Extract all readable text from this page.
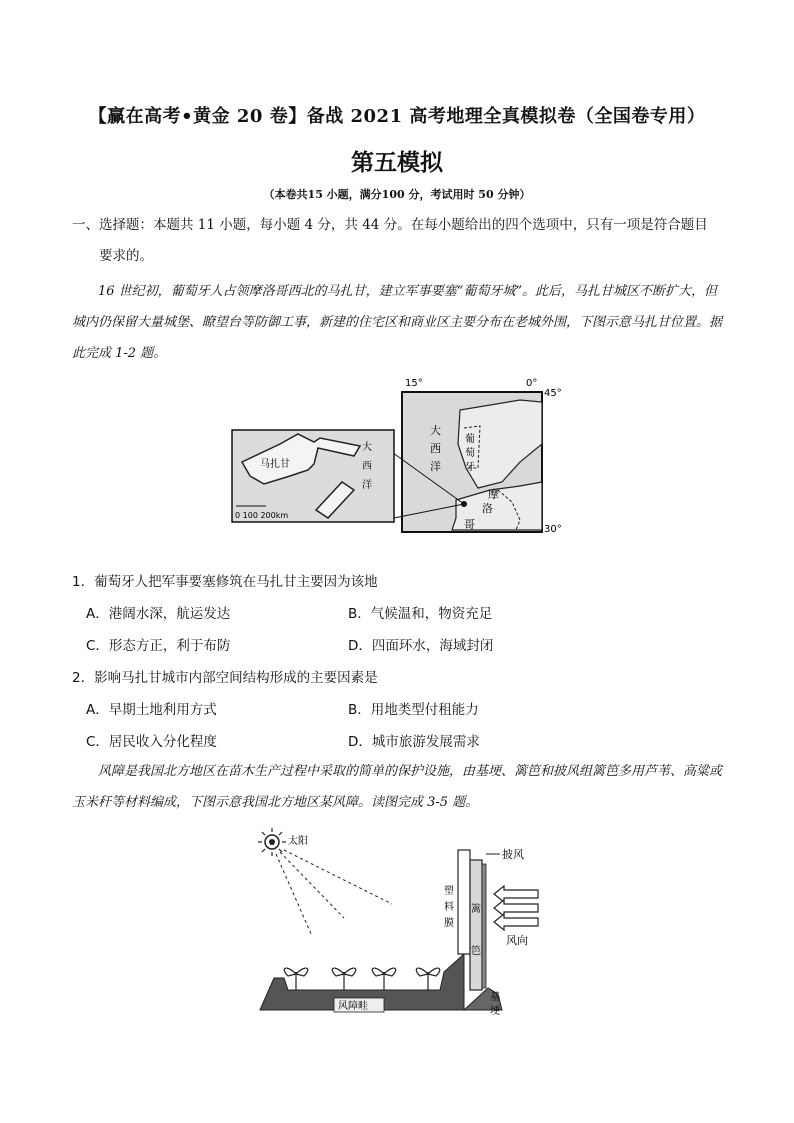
【赢在高考•黄金 20 卷】备战 2021 高考地理全真模拟卷（全国卷专用）
第五模拟
（本卷共15 小题，满分100 分，考试用时 50 分钟）
一、选择题：本题共 11 小题，每小题 4 分，共 44 分。在每小题给出的四个选项中，只有一项是符合题目
要求的。
16 世纪初，葡萄牙人占领摩洛哥西北的马扎甘，建立军事要塞“葡萄牙城”。此后，马扎甘城区不断扩大，但城内仍保留大量城堡、瞭望台等防御工事，新建的住宅区和商业区主要分布在老城外围，下图示意马扎甘位置。据此完成 1-2 题。
15°	0°
45°
30°
大
西
洋
葡
萄
牙
摩
洛
哥
马扎甘
大
西
洋
0 100 200km
1．葡萄牙人把军事要塞修筑在马扎甘主要因为该地
A．港阔水深，航运发达	B．气候温和，物资充足
C．形态方正，利于布防	D．四面环水，海域封闭
2．影响马扎甘城市内部空间结构形成的主要因素是
A．早期土地利用方式	B．用地类型付租能力
C．居民收入分化程度	D．城市旅游发展需求
风障是我国北方地区在苗木生产过程中采取的简单的保护设施，由基埂、篱笆和披风组篱笆多用芦苇、高粱或玉米秆等材料编成，下图示意我国北方地区某风障。读图完成 3-5 题。
太阳
风障畦
苗	木
披风
塑
料
膜
篱
笆
基
埂
风向
